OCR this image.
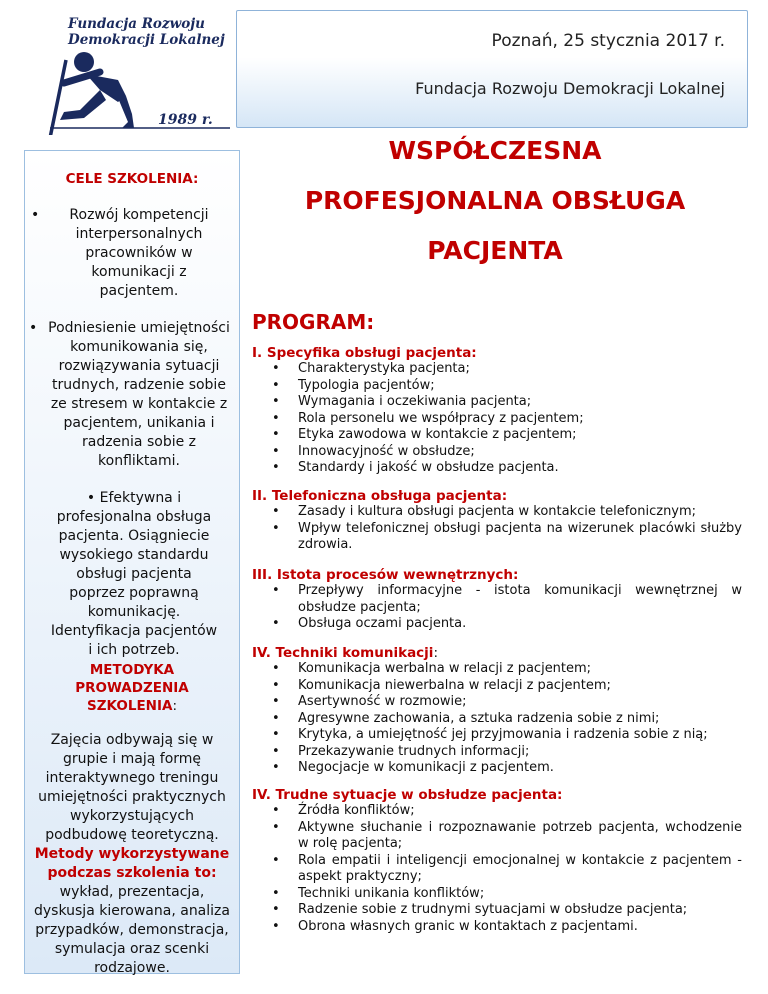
Fundacja Rozwoju
Demokracji Lokalnej
1989 r.
Poznań, 25 stycznia 2017 r.
Fundacja Rozwoju Demokracji Lokalnej
WSPÓŁCZESNA
PROFESJONALNA OBSŁUGA
PACJENTA
CELE SZKOLENIA:
•	Rozwój kompetencji interpersonalnych pracowników w komunikacji z pacjentem.
• Podniesienie umiejętności komunikowania się, rozwiązywania sytuacji trudnych, radzenie sobie ze stresem w kontakcie z pacjentem, unikania i radzenia sobie z konfliktami.
• Efektywna i profesjonalna obsługa pacjenta. Osiągniecie wysokiego standardu obsługi pacjenta poprzez poprawną komunikację. Identyfikacja pacjentów i ich potrzeb.
METODYKA PROWADZENIA SZKOLENIA:
Zajęcia odbywają się w grupie i mają formę interaktywnego treningu umiejętności praktycznych wykorzystujących podbudowę teoretyczną. Metody wykorzystywane podczas szkolenia to: wykład, prezentacja, dyskusja kierowana, analiza przypadków, demonstracja, symulacja oraz scenki rodzajowe.
PROGRAM:
I. Specyfika obsługi pacjenta:
• Charakterystyka pacjenta;
• Typologia pacjentów;
• Wymagania i oczekiwania pacjenta;
• Rola personelu we współpracy z pacjentem;
• Etyka zawodowa w kontakcie z pacjentem;
• Innowacyjność w obsłudze;
• Standardy i jakość w obsłudze pacjenta.
II. Telefoniczna obsługa pacjenta:
• Zasady i kultura obsługi pacjenta w kontakcie telefonicznym;
• Wpływ telefonicznej obsługi pacjenta na wizerunek placówki służby zdrowia.
III. Istota procesów wewnętrznych:
• Przepływy informacyjne - istota komunikacji wewnętrznej w obsłudze pacjenta;
• Obsługa oczami pacjenta.
IV. Techniki komunikacji:
• Komunikacja werbalna w relacji z pacjentem;
• Komunikacja niewerbalna w relacji z pacjentem;
• Asertywność w rozmowie;
• Agresywne zachowania, a sztuka radzenia sobie z nimi;
• Krytyka, a umiejętność jej przyjmowania i radzenia sobie z nią;
• Przekazywanie trudnych informacji;
• Negocjacje w komunikacji z pacjentem.
IV. Trudne sytuacje w obsłudze pacjenta:
• Źródła konfliktów;
• Aktywne słuchanie i rozpoznawanie potrzeb pacjenta, wchodzenie w rolę pacjenta;
• Rola empatii i inteligencji emocjonalnej w kontakcie z pacjentem - aspekt praktyczny;
• Techniki unikania konfliktów;
• Radzenie sobie z trudnymi sytuacjami w obsłudze pacjenta;
• Obrona własnych granic w kontaktach z pacjentami.
